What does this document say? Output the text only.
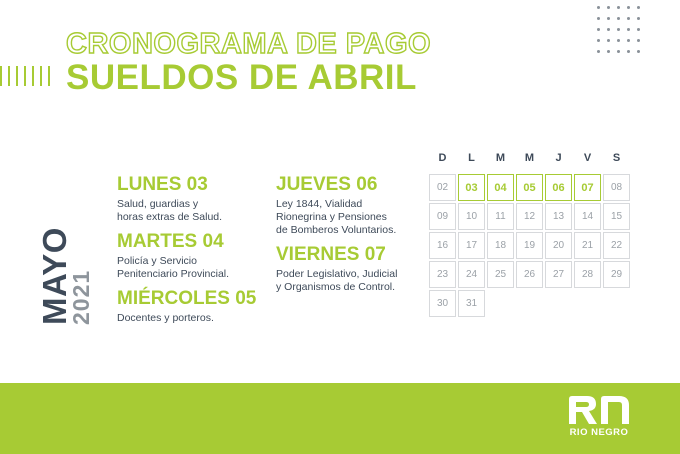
CRONOGRAMA DE PAGO
SUELDOS DE ABRIL
MAYO
2021
LUNES 03
Salud, guardias y
horas extras de Salud.
MARTES 04
Policía y Servicio
Penitenciario Provincial.
MIÉRCOLES 05
Docentes y porteros.
JUEVES 06
Ley 1844, Vialidad
Rionegrina y Pensiones
de Bomberos Voluntarios.
VIERNES 07
Poder Legislativo, Judicial
y Organismos de Control.
D	L	M	M	J	V	S
02	03	04	05	06	07	08
09	10	11	12	13	14	15
16	17	18	19	20	21	22
23	24	25	26	27	28	29
30	31
RIO NEGRO
